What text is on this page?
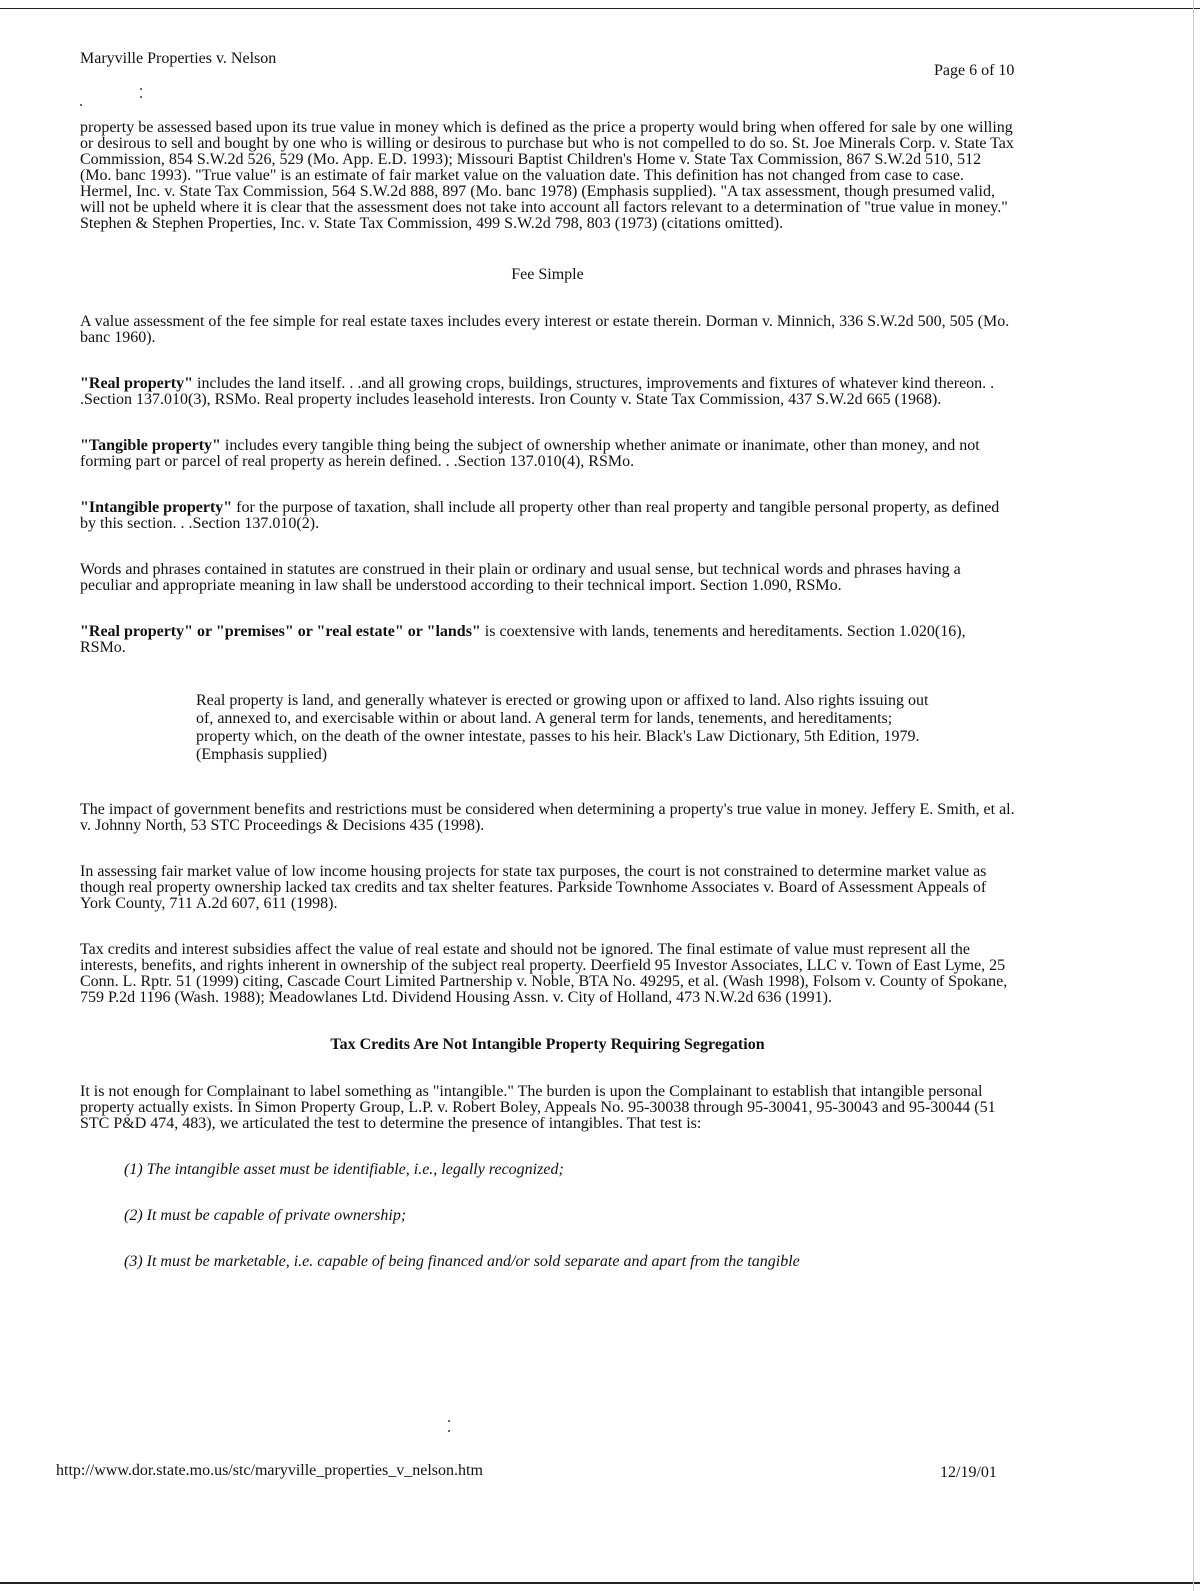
Maryville Properties v. Nelson
Page 6 of 10

property be assessed based upon its true value in money which is defined as the price a property would bring when offered for sale by one willing or desirous to sell and bought by one who is willing or desirous to purchase but who is not compelled to do so. St. Joe Minerals Corp. v. State Tax Commission, 854 S.W.2d 526, 529 (Mo. App. E.D. 1993); Missouri Baptist Children's Home v. State Tax Commission, 867 S.W.2d 510, 512 (Mo. banc 1993). "True value" is an estimate of fair market value on the valuation date. This definition has not changed from case to case. Hermel, Inc. v. State Tax Commission, 564 S.W.2d 888, 897 (Mo. banc 1978) (Emphasis supplied). "A tax assessment, though presumed valid, will not be upheld where it is clear that the assessment does not take into account all factors relevant to a determination of "true value in money." Stephen & Stephen Properties, Inc. v. State Tax Commission, 499 S.W.2d 798, 803 (1973) (citations omitted).

Fee Simple

A value assessment of the fee simple for real estate taxes includes every interest or estate therein. Dorman v. Minnich, 336 S.W.2d 500, 505 (Mo. banc 1960).

"Real property" includes the land itself. . .and all growing crops, buildings, structures, improvements and fixtures of whatever kind thereon. . .Section 137.010(3), RSMo. Real property includes leasehold interests. Iron County v. State Tax Commission, 437 S.W.2d 665 (1968).

"Tangible property" includes every tangible thing being the subject of ownership whether animate or inanimate, other than money, and not forming part or parcel of real property as herein defined. . .Section 137.010(4), RSMo.

"Intangible property" for the purpose of taxation, shall include all property other than real property and tangible personal property, as defined by this section. . .Section 137.010(2).

Words and phrases contained in statutes are construed in their plain or ordinary and usual sense, but technical words and phrases having a peculiar and appropriate meaning in law shall be understood according to their technical import. Section 1.090, RSMo.

"Real property" or "premises" or "real estate" or "lands" is coextensive with lands, tenements and hereditaments. Section 1.020(16), RSMo.

Real property is land, and generally whatever is erected or growing upon or affixed to land. Also rights issuing out of, annexed to, and exercisable within or about land. A general term for lands, tenements, and hereditaments; property which, on the death of the owner intestate, passes to his heir. Black's Law Dictionary, 5th Edition, 1979. (Emphasis supplied)

The impact of government benefits and restrictions must be considered when determining a property's true value in money. Jeffery E. Smith, et al. v. Johnny North, 53 STC Proceedings & Decisions 435 (1998).

In assessing fair market value of low income housing projects for state tax purposes, the court is not constrained to determine market value as though real property ownership lacked tax credits and tax shelter features. Parkside Townhome Associates v. Board of Assessment Appeals of York County, 711 A.2d 607, 611 (1998).

Tax credits and interest subsidies affect the value of real estate and should not be ignored. The final estimate of value must represent all the interests, benefits, and rights inherent in ownership of the subject real property. Deerfield 95 Investor Associates, LLC v. Town of East Lyme, 25 Conn. L. Rptr. 51 (1999) citing, Cascade Court Limited Partnership v. Noble, BTA No. 49295, et al. (Wash 1998), Folsom v. County of Spokane, 759 P.2d 1196 (Wash. 1988); Meadowlanes Ltd. Dividend Housing Assn. v. City of Holland, 473 N.W.2d 636 (1991).

Tax Credits Are Not Intangible Property Requiring Segregation

It is not enough for Complainant to label something as "intangible." The burden is upon the Complainant to establish that intangible personal property actually exists. In Simon Property Group, L.P. v. Robert Boley, Appeals No. 95-30038 through 95-30041, 95-30043 and 95-30044 (51 STC P&D 474, 483), we articulated the test to determine the presence of intangibles. That test is:

(1) The intangible asset must be identifiable, i.e., legally recognized;

(2) It must be capable of private ownership;

(3) It must be marketable, i.e. capable of being financed and/or sold separate and apart from the tangible

http://www.dor.state.mo.us/stc/maryville_properties_v_nelson.htm	12/19/01
